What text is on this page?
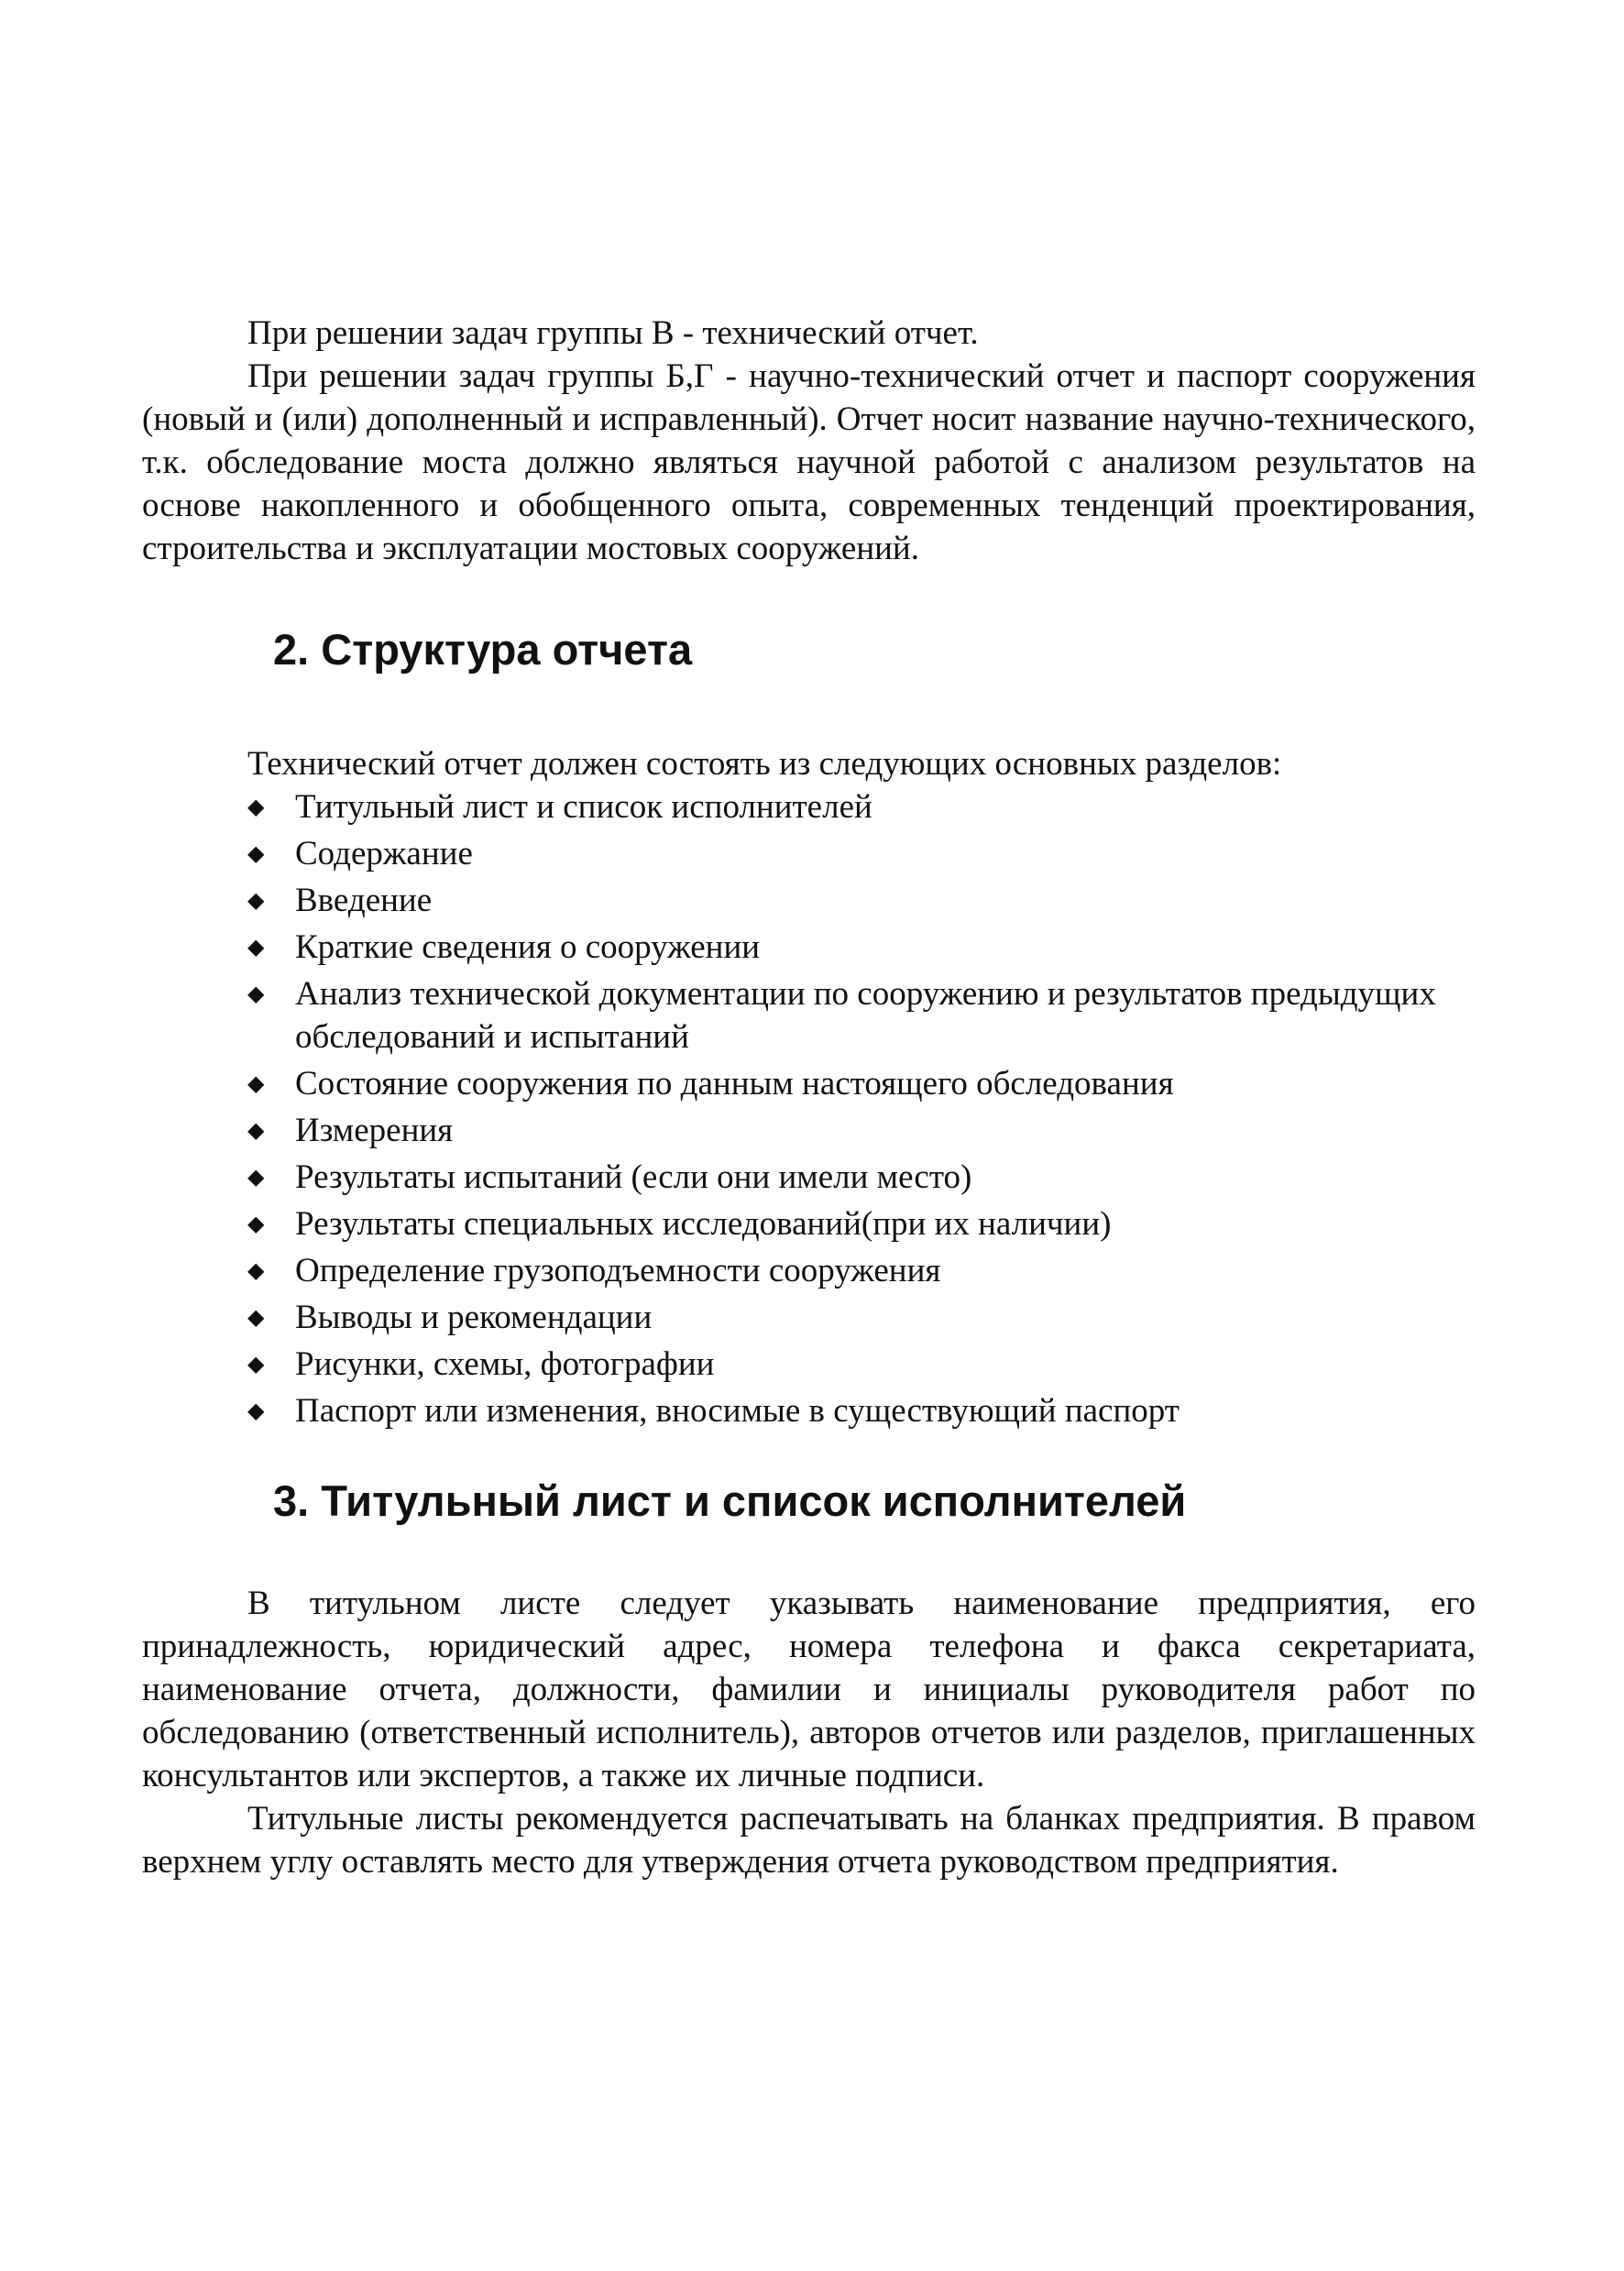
При решении задач группы В - технический отчет.

При решении задач группы Б,Г - научно-технический отчет и паспорт сооружения (новый и (или) дополненный и исправленный). Отчет носит название научно-технического, т.к. обследование моста должно являться научной работой с анализом результатов на основе накопленного и обобщенного опыта, современных тенденций проектирования, строительства и эксплуатации мостовых сооружений.

2. Структура отчета

Технический отчет должен состоять из следующих основных разделов:

◆ Титульный лист и список исполнителей
◆ Содержание
◆ Введение
◆ Краткие сведения о сооружении
◆ Анализ технической документации по сооружению и результатов предыдущих обследований и испытаний
◆ Состояние сооружения по данным настоящего обследования
◆ Измерения
◆ Результаты испытаний (если они имели место)
◆ Результаты специальных исследований(при их наличии)
◆ Определение грузоподъемности сооружения
◆ Выводы и рекомендации
◆ Рисунки, схемы, фотографии
◆ Паспорт или изменения, вносимые в существующий паспорт
3. Титульный лист и список исполнителей

В титульном листе следует указывать наименование предприятия, его принадлежность, юридический адрес, номера телефона и факса секретариата, наименование отчета, должности, фамилии и инициалы руководителя работ по обследованию (ответственный исполнитель), авторов отчетов или разделов, приглашенных консультантов или экспертов, а также их личные подписи.

Титульные листы рекомендуется распечатывать на бланках предприятия. В правом верхнем углу оставлять место для утверждения отчета руководством предприятия.
